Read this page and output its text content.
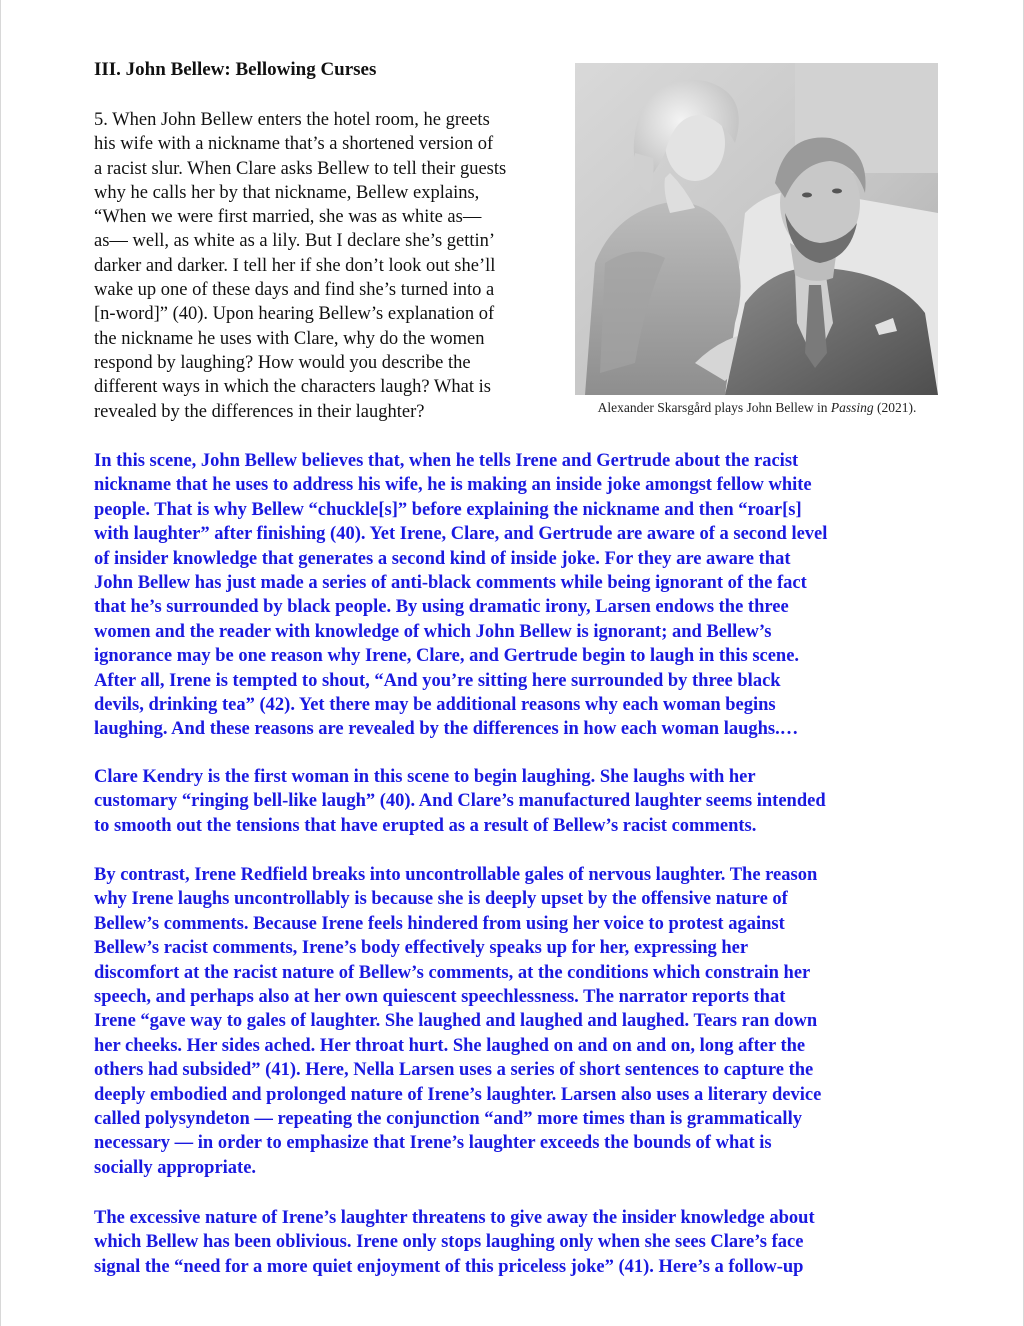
III. John Bellew: Bellowing Curses

5. When John Bellew enters the hotel room, he greets
his wife with a nickname that’s a shortened version of
a racist slur. When Clare asks Bellew to tell their guests
why he calls her by that nickname, Bellew explains,
“When we were first married, she was as white as—
as— well, as white as a lily. But I declare she’s gettin’
darker and darker. I tell her if she don’t look out she’ll
wake up one of these days and find she’s turned into a
[n-word]” (40). Upon hearing Bellew’s explanation of
the nickname he uses with Clare, why do the women
respond by laughing? How would you describe the
different ways in which the characters laugh? What is
revealed by the differences in their laughter?	Alexander Skarsgård plays John Bellew in Passing (2021).

In this scene, John Bellew believes that, when he tells Irene and Gertrude about the racist
nickname that he uses to address his wife, he is making an inside joke amongst fellow white
people. That is why Bellew “chuckle[s]” before explaining the nickname and then “roar[s]
with laughter” after finishing (40). Yet Irene, Clare, and Gertrude are aware of a second level
of insider knowledge that generates a second kind of inside joke. For they are aware that
John Bellew has just made a series of anti-black comments while being ignorant of the fact
that he’s surrounded by black people. By using dramatic irony, Larsen endows the three
women and the reader with knowledge of which John Bellew is ignorant; and Bellew’s
ignorance may be one reason why Irene, Clare, and Gertrude begin to laugh in this scene.
After all, Irene is tempted to shout, “And you’re sitting here surrounded by three black
devils, drinking tea” (42). Yet there may be additional reasons why each woman begins
laughing. And these reasons are revealed by the differences in how each woman laughs.…

Clare Kendry is the first woman in this scene to begin laughing. She laughs with her
customary “ringing bell-like laugh” (40). And Clare’s manufactured laughter seems intended
to smooth out the tensions that have erupted as a result of Bellew’s racist comments.

By contrast, Irene Redfield breaks into uncontrollable gales of nervous laughter. The reason
why Irene laughs uncontrollably is because she is deeply upset by the offensive nature of
Bellew’s comments. Because Irene feels hindered from using her voice to protest against
Bellew’s racist comments, Irene’s body effectively speaks up for her, expressing her
discomfort at the racist nature of Bellew’s comments, at the conditions which constrain her
speech, and perhaps also at her own quiescent speechlessness. The narrator reports that
Irene “gave way to gales of laughter. She laughed and laughed and laughed. Tears ran down
her cheeks. Her sides ached. Her throat hurt. She laughed on and on and on, long after the
others had subsided” (41). Here, Nella Larsen uses a series of short sentences to capture the
deeply embodied and prolonged nature of Irene’s laughter. Larsen also uses a literary device
called polysyndeton — repeating the conjunction “and” more times than is grammatically
necessary — in order to emphasize that Irene’s laughter exceeds the bounds of what is
socially appropriate.

The excessive nature of Irene’s laughter threatens to give away the insider knowledge about
which Bellew has been oblivious. Irene only stops laughing only when she sees Clare’s face
signal the “need for a more quiet enjoyment of this priceless joke” (41). Here’s a follow-up
